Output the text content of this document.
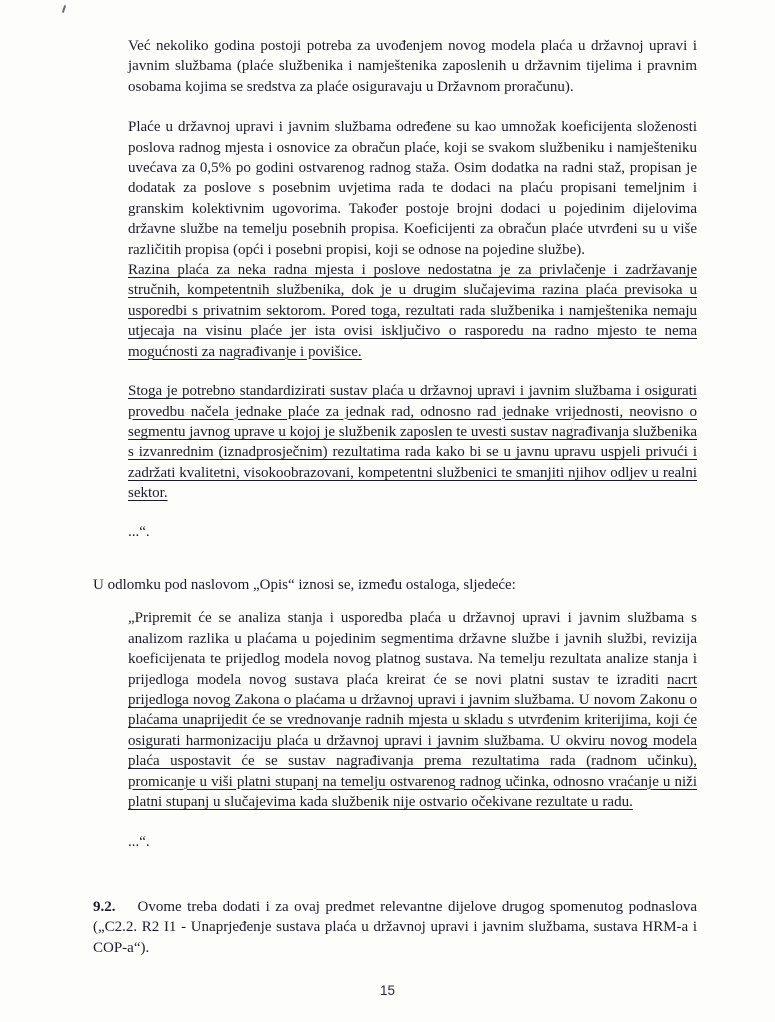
Već nekoliko godina postoji potreba za uvođenjem novog modela plaća u državnoj upravi i javnim službama (plaće službenika i namještenika zaposlenih u državnim tijelima i pravnim osobama kojima se sredstva za plaće osiguravaju u Državnom proračunu).

Plaće u državnoj upravi i javnim službama određene su kao umnožak koeficijenta složenosti poslova radnog mjesta i osnovice za obračun plaće, koji se svakom službeniku i namješteniku uvećava za 0,5% po godini ostvarenog radnog staža. Osim dodatka na radni staž, propisan je dodatak za poslove s posebnim uvjetima rada te dodaci na plaću propisani temeljnim i granskim kolektivnim ugovorima. Također postoje brojni dodaci u pojedinim dijelovima državne službe na temelju posebnih propisa. Koeficijenti za obračun plaće utvrđeni su u više različitih propisa (opći i posebni propisi, koji se odnose na pojedine službe).

Razina plaća za neka radna mjesta i poslove nedostatna je za privlačenje i zadržavanje stručnih, kompetentnih službenika, dok je u drugim slučajevima razina plaća previsoka u usporedbi s privatnim sektorom. Pored toga, rezultati rada službenika i namještenika nemaju utjecaja na visinu plaće jer ista ovisi isključivo o rasporedu na radno mjesto te nema mogućnosti za nagrađivanje i povišice.

Stoga je potrebno standardizirati sustav plaća u državnoj upravi i javnim službama i osigurati provedbu načela jednake plaće za jednak rad, odnosno rad jednake vrijednosti, neovisno o segmentu javnog uprave u kojoj je službenik zaposlen te uvesti sustav nagrađivanja službenika s izvanrednim (iznadprosječnim) rezultatima rada kako bi se u javnu upravu uspjeli privući i zadržati kvalitetni, visokoobrazovani, kompetentni službenici te smanjiti njihov odljev u realni sektor.

...“.

U odlomku pod naslovom „Opis“ iznosi se, između ostaloga, sljedeće:

„Pripremit će se analiza stanja i usporedba plaća u državnoj upravi i javnim službama s analizom razlika u plaćama u pojedinim segmentima državne službe i javnih službi, revizija koeficijenata te prijedlog modela novog platnog sustava. Na temelju rezultata analize stanja i prijedloga modela novog sustava plaća kreirat će se novi platni sustav te izraditi nacrt prijedloga novog Zakona o plaćama u državnoj upravi i javnim službama. U novom Zakonu o plaćama unaprijedit će se vrednovanje radnih mjesta u skladu s utvrđenim kriterijima, koji će osigurati harmonizaciju plaća u državnoj upravi i javnim službama. U okviru novog modela plaća uspostavit će se sustav nagrađivanja prema rezultatima rada (radnom učinku), promicanje u viši platni stupanj na temelju ostvarenog radnog učinka, odnosno vraćanje u niži platni stupanj u slučajevima kada službenik nije ostvario očekivane rezultate u radu.

...“.

9.2. Ovome treba dodati i za ovaj predmet relevantne dijelove drugog spomenutog podnaslova („C2.2. R2 I1 - Unaprjeđenje sustava plaća u državnoj upravi i javnim službama, sustava HRM-a i COP-a“).

15
